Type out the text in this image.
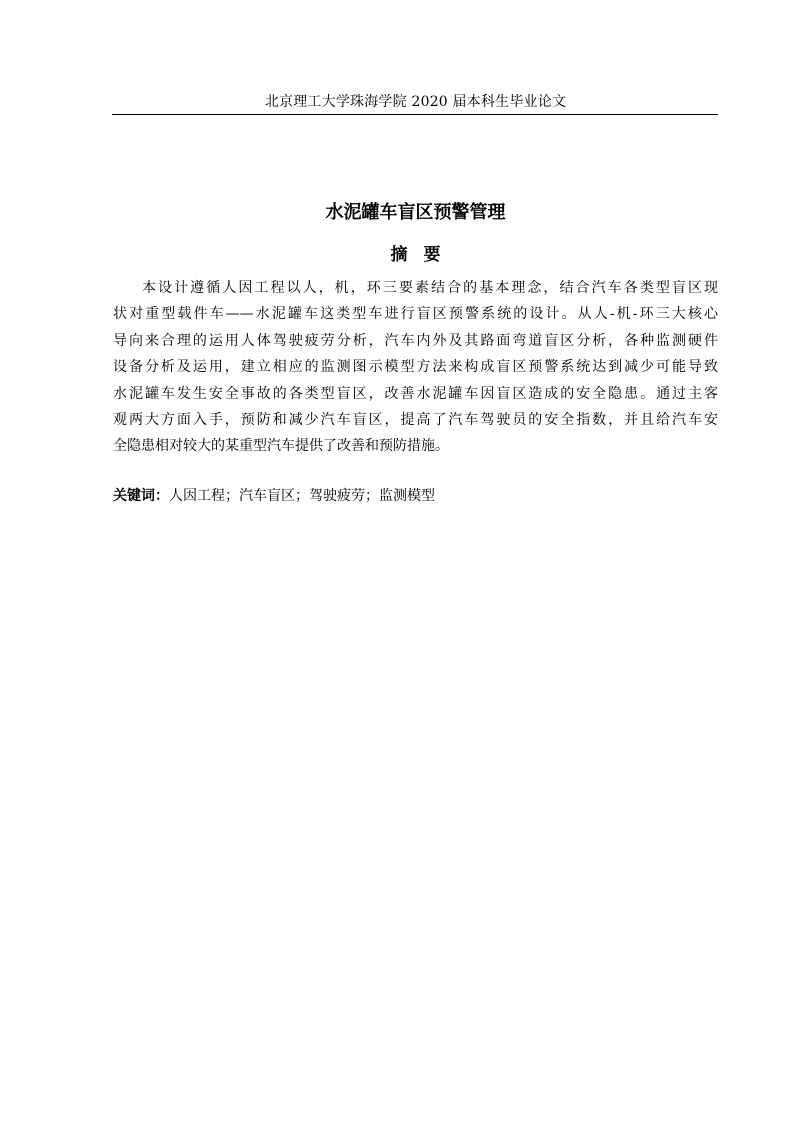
北京理工大学珠海学院 2020 届本科生毕业论文
水泥罐车盲区预警管理
摘要
本设计遵循人因工程以人，机，环三要素结合的基本理念，结合汽车各类型盲区现
状对重型载件车——水泥罐车这类型车进行盲区预警系统的设计。从人-机-环三大核心
导向来合理的运用人体驾驶疲劳分析，汽车内外及其路面弯道盲区分析，各种监测硬件
设备分析及运用，建立相应的监测图示模型方法来构成盲区预警系统达到减少可能导致
水泥罐车发生安全事故的各类型盲区，改善水泥罐车因盲区造成的安全隐患。通过主客
观两大方面入手，预防和减少汽车盲区，提高了汽车驾驶员的安全指数，并且给汽车安
全隐患相对较大的某重型汽车提供了改善和预防措施。
关键词：人因工程；汽车盲区；驾驶疲劳；监测模型
